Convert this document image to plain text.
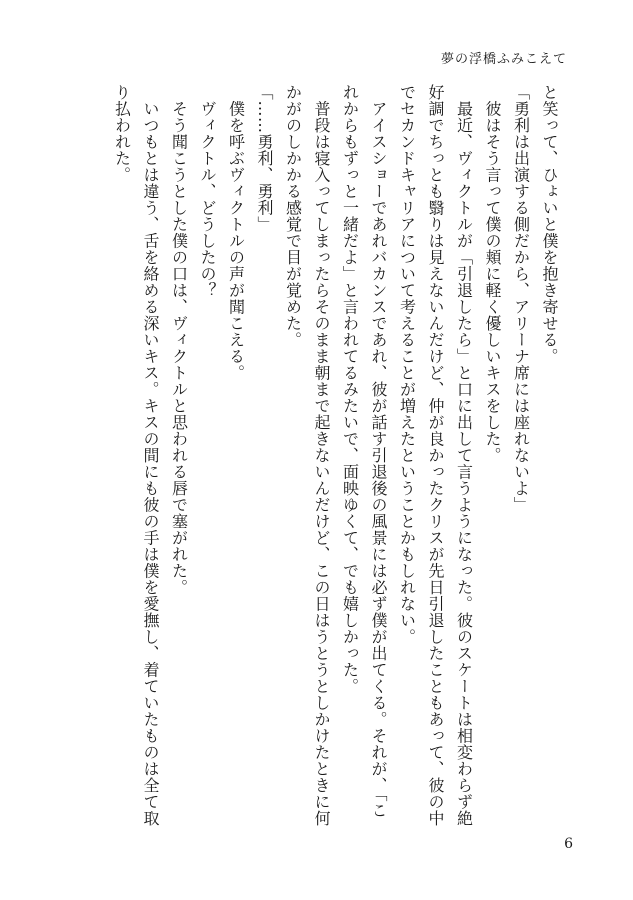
夢の浮橋ふみこえて

と笑って、ひょいと僕を抱き寄せる。

「勇利は出演する側だから、アリーナ席には座れないよ」

　彼はそう言って僕の頬に軽く優しいキスをした。

　最近、ヴィクトルが「引退したら」と口に出して言うようになった。彼のスケートは相変わらず絶

好調でちっとも翳りは見えないんだけど、仲が良かったクリスが先日引退したこともあって、彼の中

でセカンドキャリアについて考えることが増えたということかもしれない。

　アイスショーであれバカンスであれ、彼が話す引退後の風景には必ず僕が出てくる。それが、「こ

れからもずっと一緒だよ」と言われてるみたいで、面映ゆくて、でも嬉しかった。

　普段は寝入ってしまったらそのまま朝まで起きないんだけど、この日はうとうとしかけたときに何

かがのしかかる感覚で目が覚めた。

「……勇利、勇利」

　僕を呼ぶヴィクトルの声が聞こえる。

　ヴィクトル、どうしたの？

　そう聞こうとした僕の口は、ヴィクトルと思われる唇で塞がれた。

　いつもとは違う、舌を絡める深いキス。キスの間にも彼の手は僕を愛撫し、着ていたものは全て取

り払われた。

6
